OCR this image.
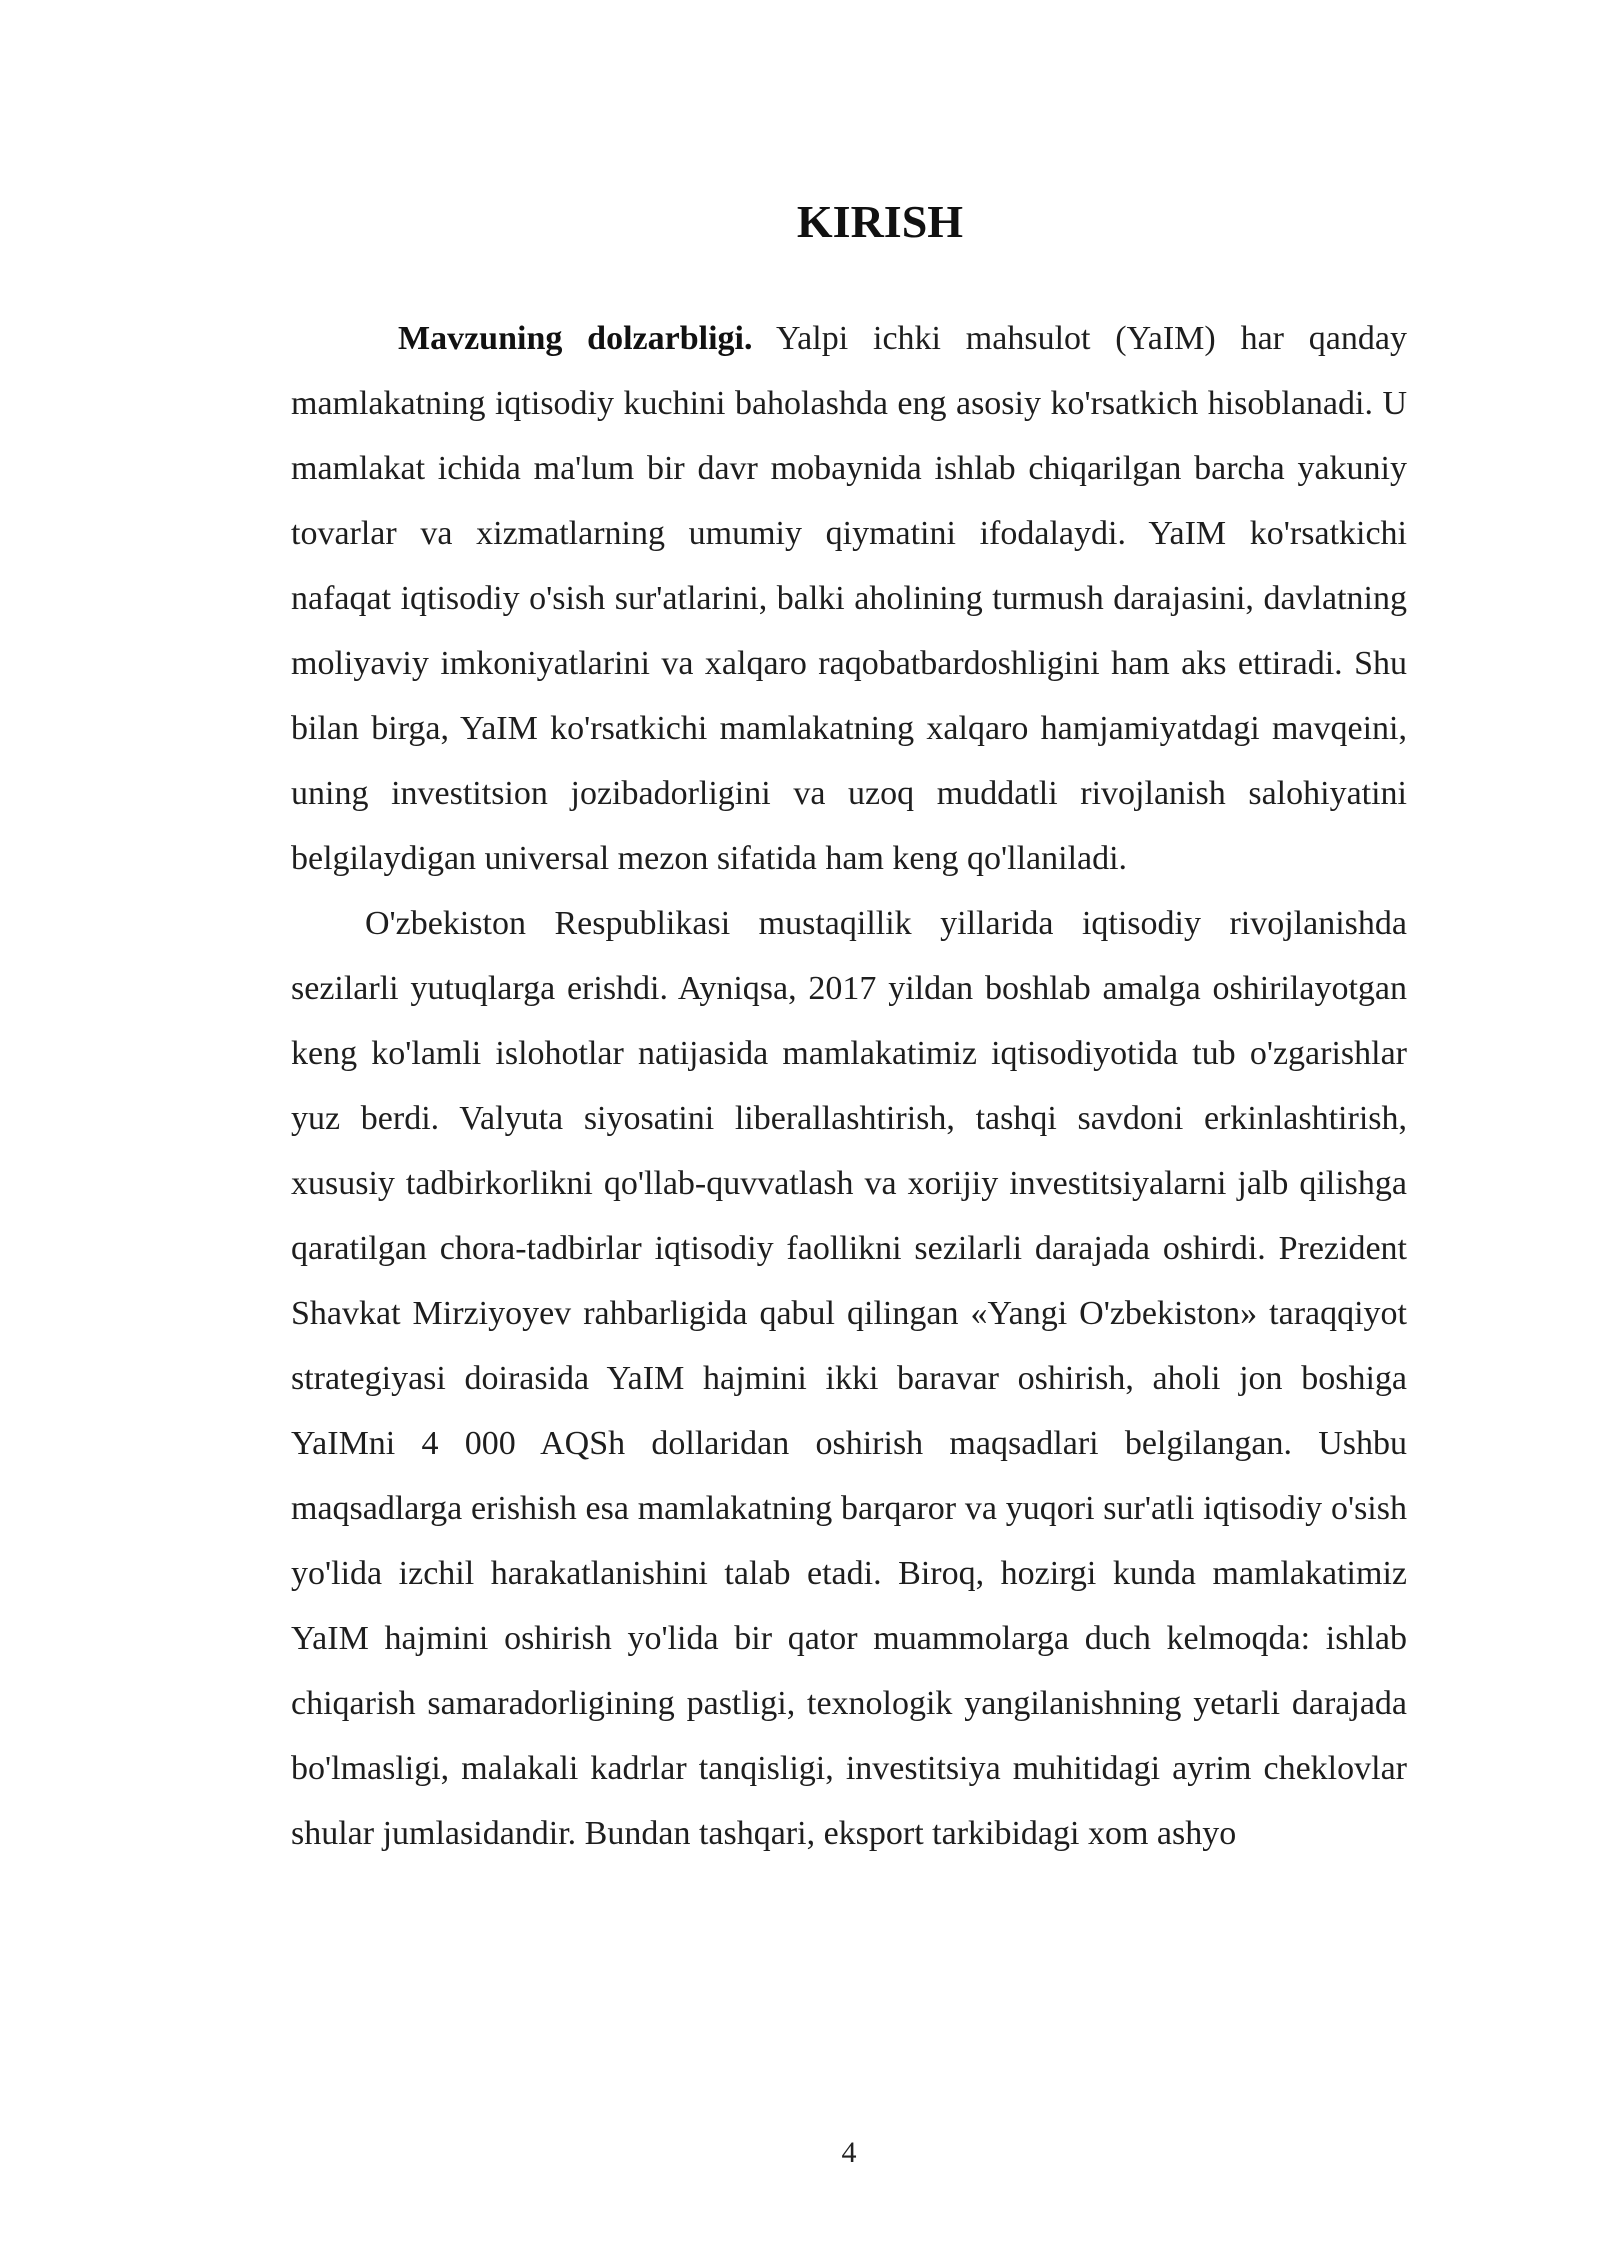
KIRISH

Mavzuning dolzarbligi. Yalpi ichki mahsulot (YaIM) har qanday mamlakatning iqtisodiy kuchini baholashda eng asosiy ko'rsatkich hisoblanadi. U mamlakat ichida ma'lum bir davr mobaynida ishlab chiqarilgan barcha yakuniy tovarlar va xizmatlarning umumiy qiymatini ifodalaydi. YaIM ko'rsatkichi nafaqat iqtisodiy o'sish sur'atlarini, balki aholining turmush darajasini, davlatning moliyaviy imkoniyatlarini va xalqaro raqobatbardoshligini ham aks ettiradi. Shu bilan birga, YaIM ko'rsatkichi mamlakatning xalqaro hamjamiyatdagi mavqeini, uning investitsion jozibadorligini va uzoq muddatli rivojlanish salohiyatini belgilaydigan universal mezon sifatida ham keng qo'llaniladi.

O'zbekiston Respublikasi mustaqillik yillarida iqtisodiy rivojlanishda sezilarli yutuqlarga erishdi. Ayniqsa, 2017 yildan boshlab amalga oshirilayotgan keng ko'lamli islohotlar natijasida mamlakatimiz iqtisodiyotida tub o'zgarishlar yuz berdi. Valyuta siyosatini liberallashtirish, tashqi savdoni erkinlashtirish, xususiy tadbirkorlikni qo'llab-quvvatlash va xorijiy investitsiyalarni jalb qilishga qaratilgan chora-tadbirlar iqtisodiy faollikni sezilarli darajada oshirdi. Prezident Shavkat Mirziyoyev rahbarligida qabul qilingan «Yangi O'zbekiston» taraqqiyot strategiyasi doirasida YaIM hajmini ikki baravar oshirish, aholi jon boshiga YaIMni 4 000 AQSh dollaridan oshirish maqsadlari belgilangan. Ushbu maqsadlarga erishish esa mamlakatning barqaror va yuqori sur'atli iqtisodiy o'sish yo'lida izchil harakatlanishini talab etadi. Biroq, hozirgi kunda mamlakatimiz YaIM hajmini oshirish yo'lida bir qator muammolarga duch kelmoqda: ishlab chiqarish samaradorligining pastligi, texnologik yangilanishning yetarli darajada bo'lmasligi, malakali kadrlar tanqisligi, investitsiya muhitidagi ayrim cheklovlar shular jumlasidandir. Bundan tashqari, eksport tarkibidagi xom ashyo

4
